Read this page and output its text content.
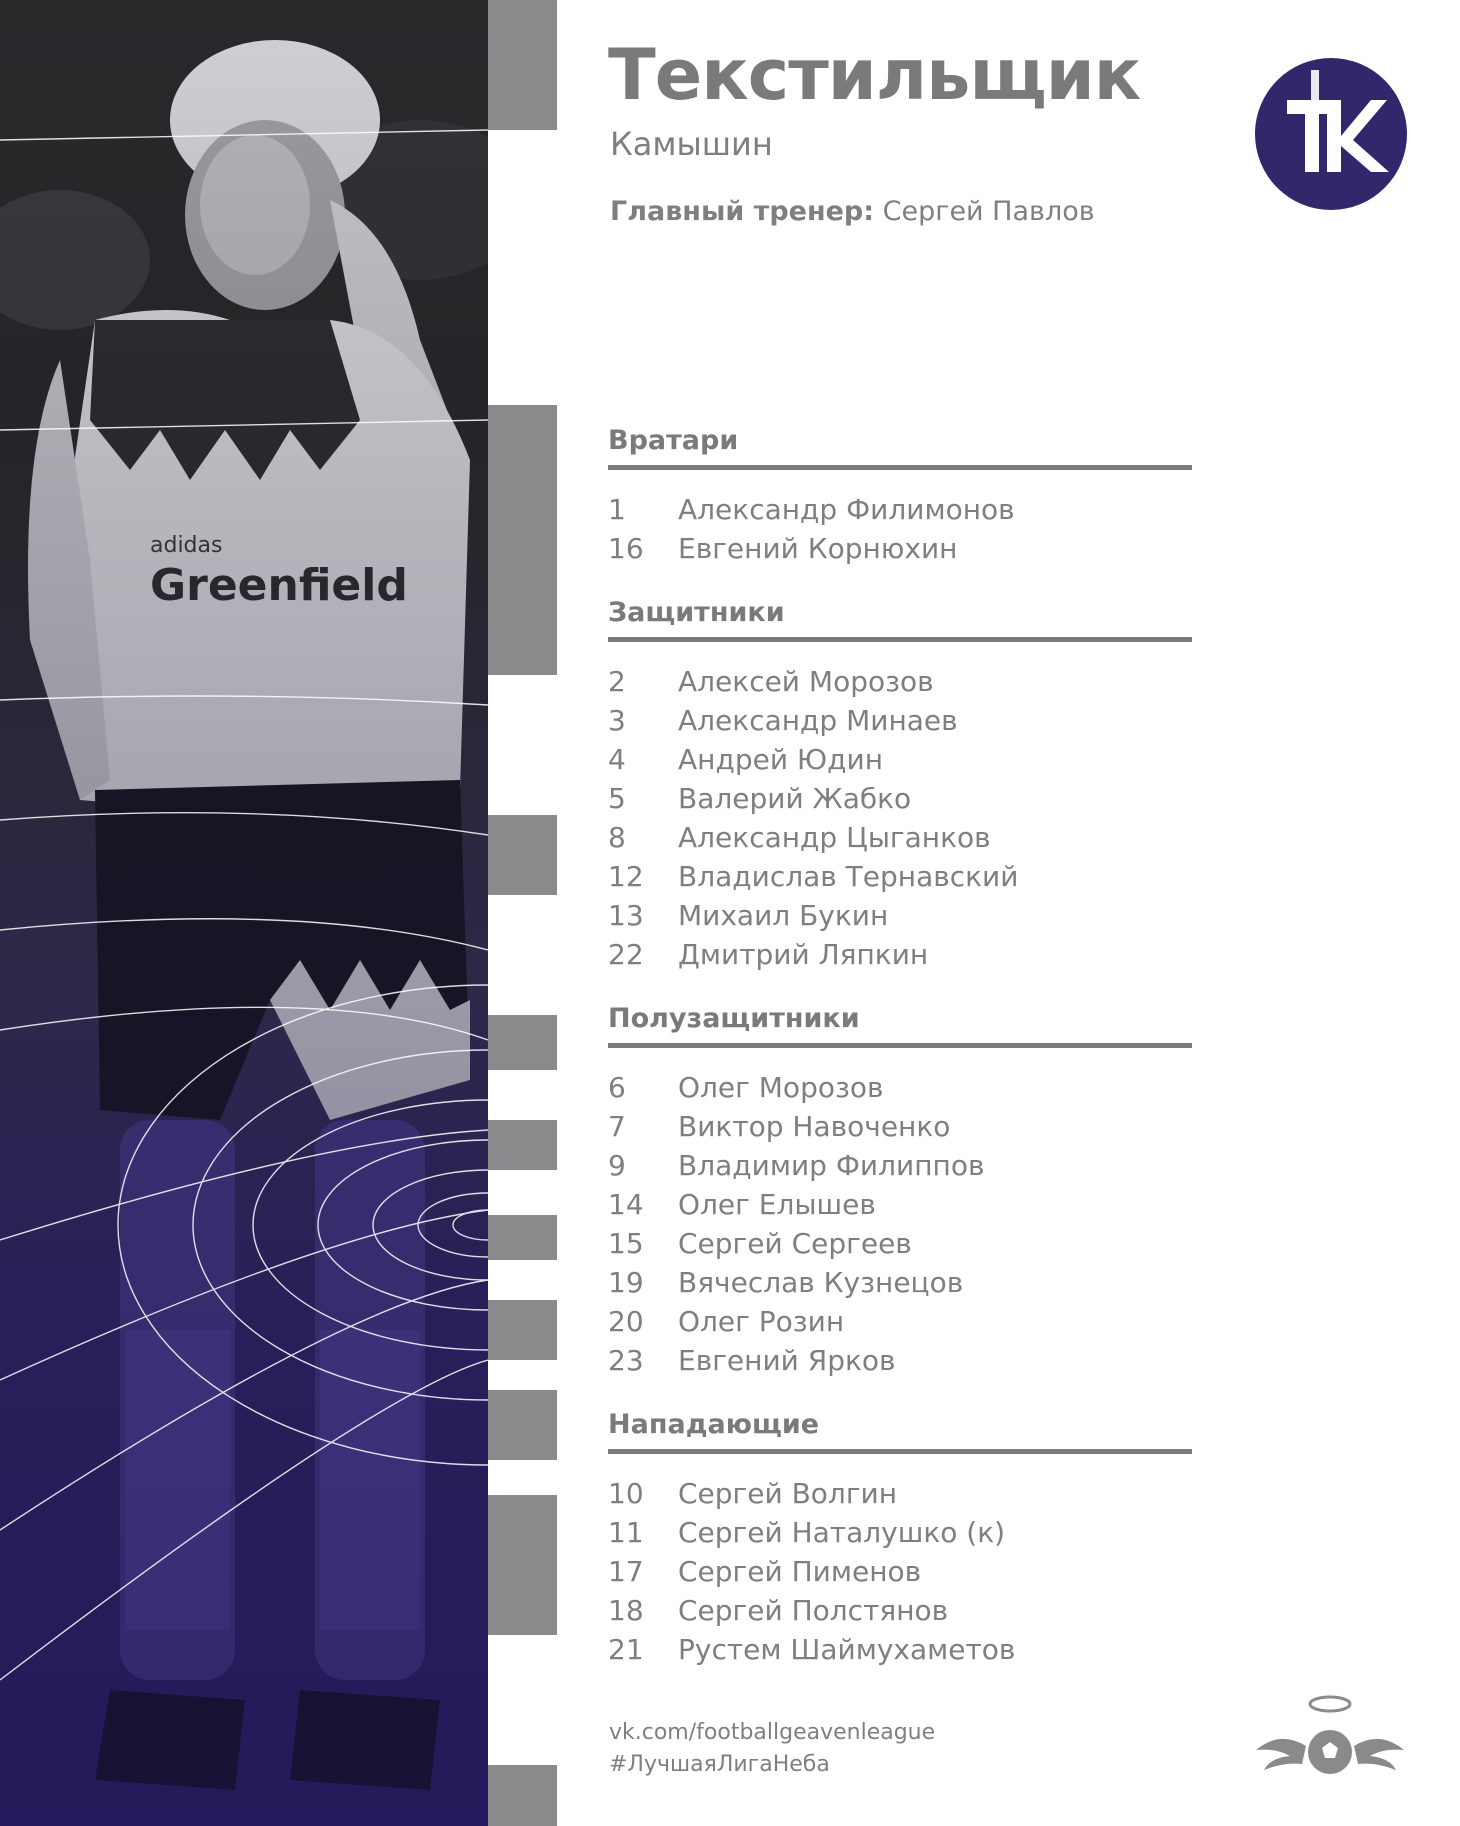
Текстильщик
Камышин
Главный тренер: Сергей Павлов
Вратари
1	Александр Филимонов
16	Евгений Корнюхин
Защитники
2	Алексей Морозов
3	Александр Минаев
4	Андрей Юдин
5	Валерий Жабко
8	Александр Цыганков
12	Владислав Тернавский
13	Михаил Букин
22	Дмитрий Ляпкин
Полузащитники
6	Олег Морозов
7	Виктор Навоченко
9	Владимир Филиппов
14	Олег Елышев
15	Сергей Сергеев
19	Вячеслав Кузнецов
20	Олег Розин
23	Евгений Ярков
Нападающие
10	Сергей Волгин
11	Сергей Наталушко (к)
17	Сергей Пименов
18	Сергей Полстянов
21	Рустем Шаймухаметов
vk.com/footballgeavenleague
#ЛучшаяЛигаНеба
